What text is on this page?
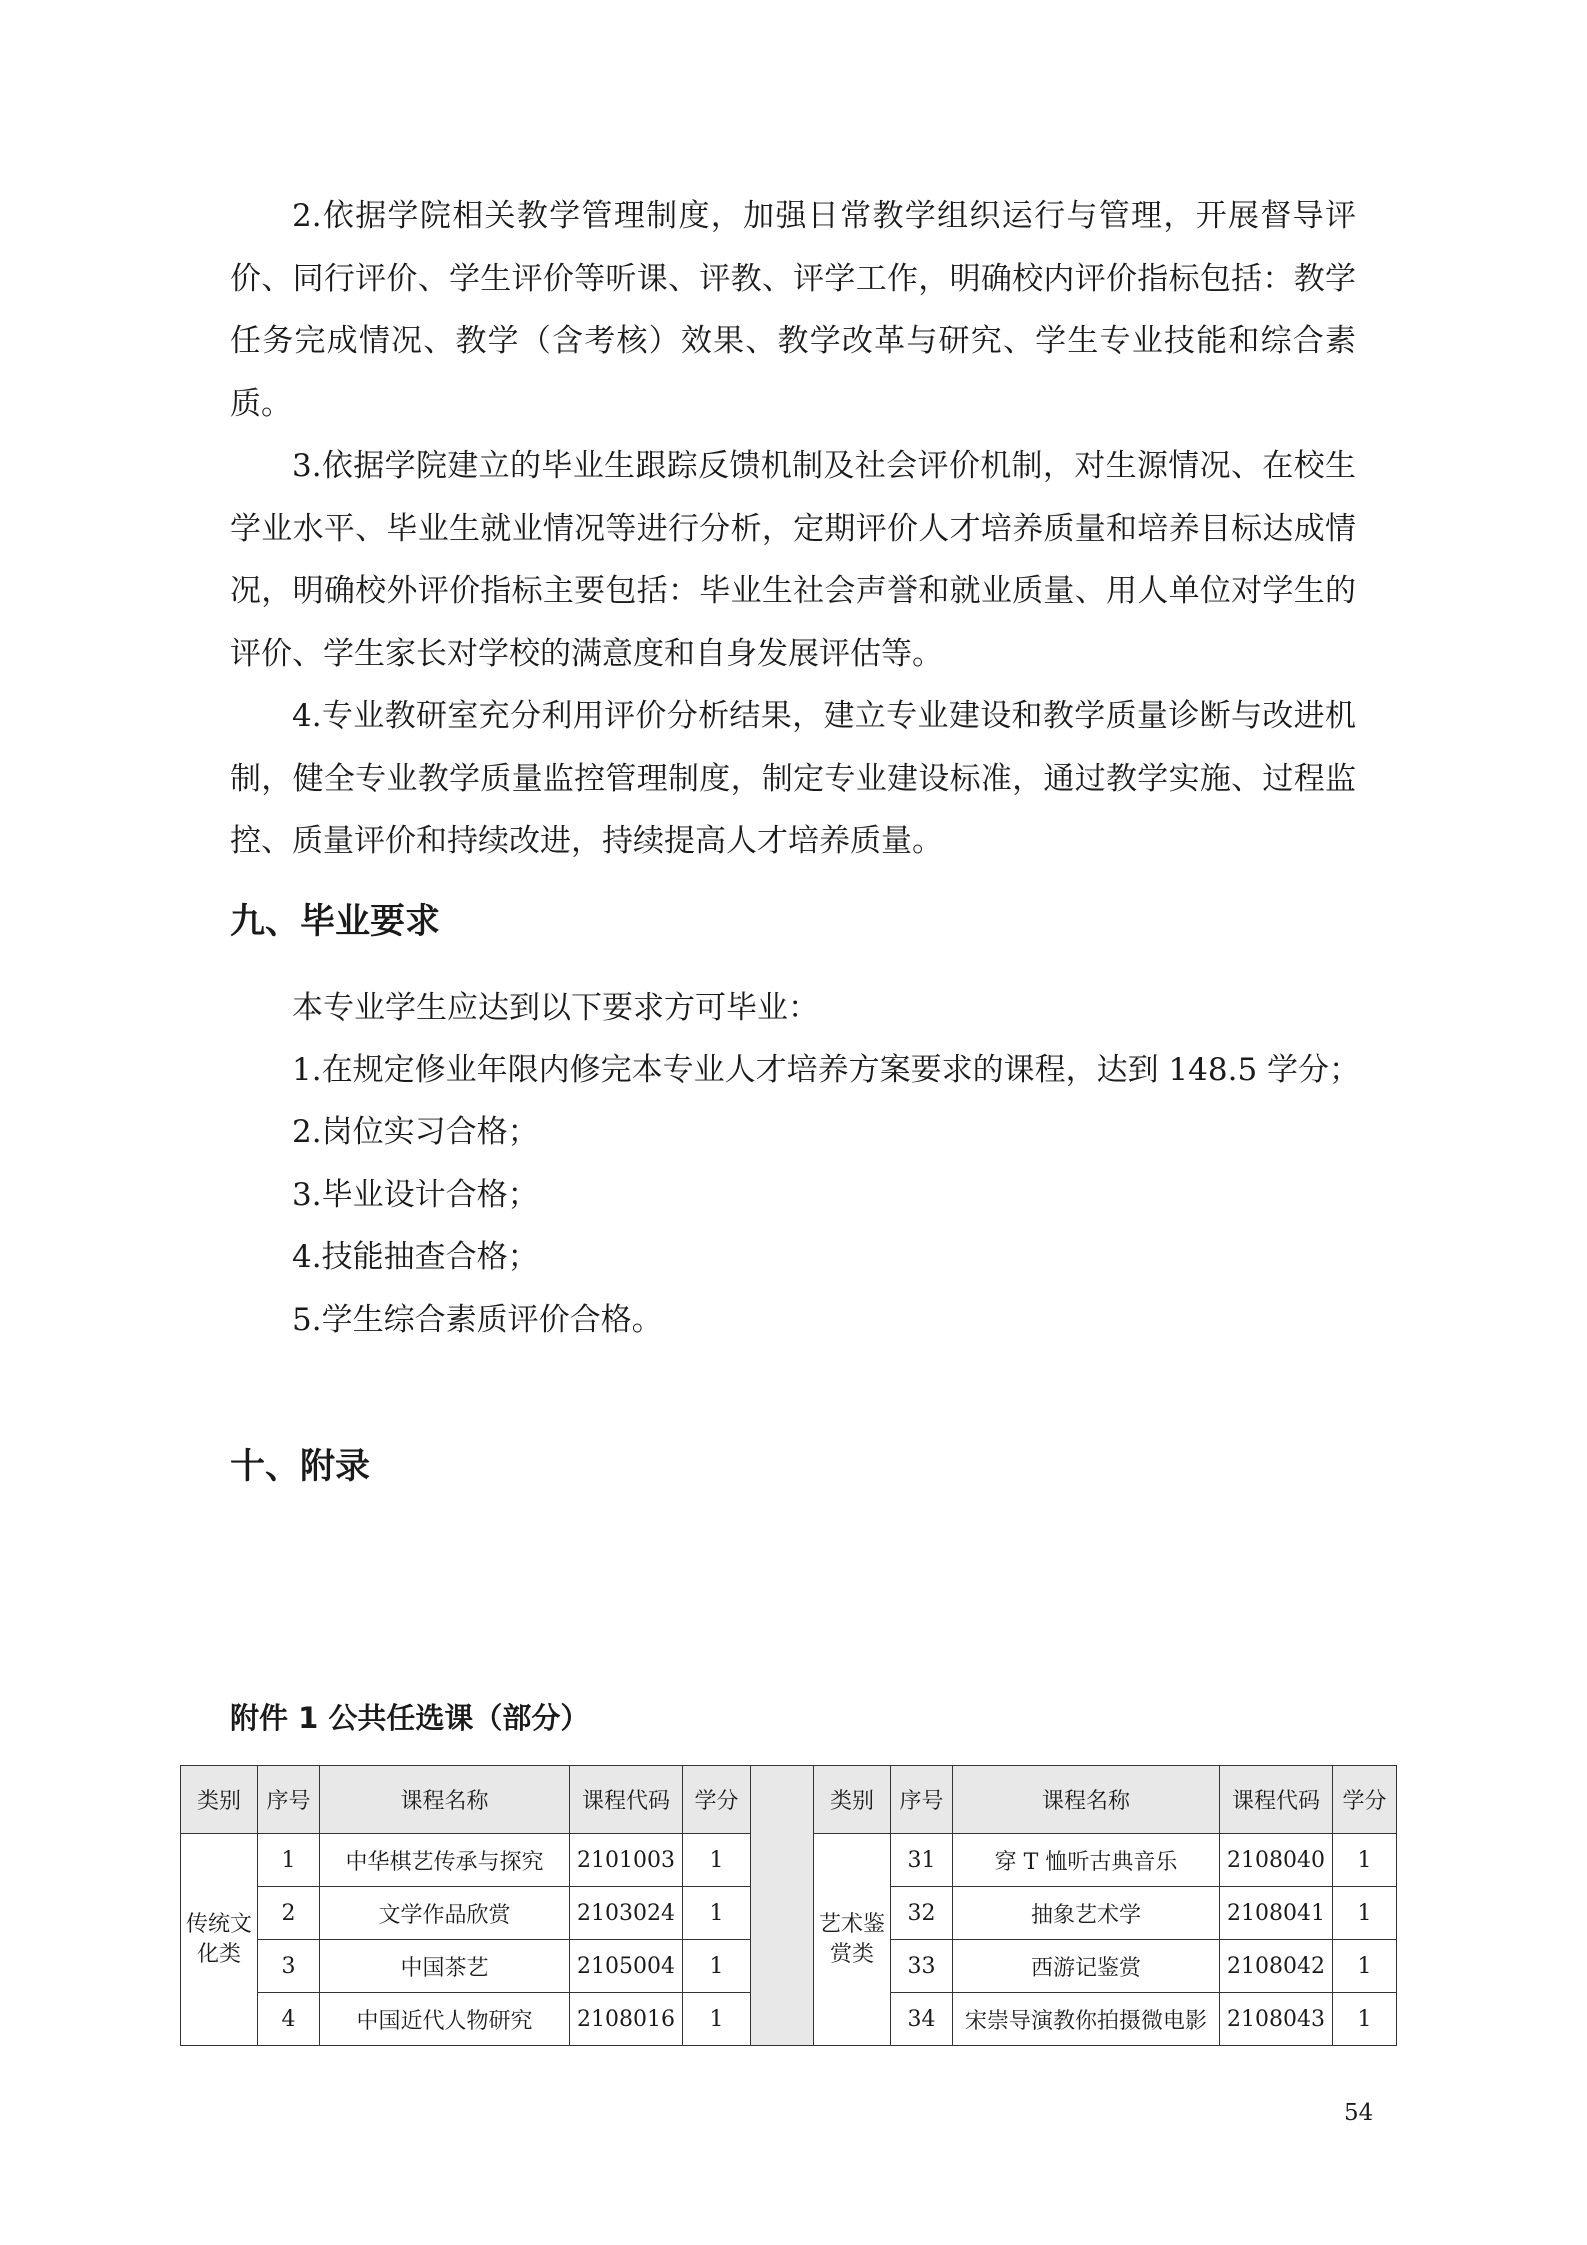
2.依据学院相关教学管理制度，加强日常教学组织运行与管理，开展督导评价、同行评价、学生评价等听课、评教、评学工作，明确校内评价指标包括：教学任务完成情况、教学（含考核）效果、教学改革与研究、学生专业技能和综合素质。

3.依据学院建立的毕业生跟踪反馈机制及社会评价机制，对生源情况、在校生学业水平、毕业生就业情况等进行分析，定期评价人才培养质量和培养目标达成情况，明确校外评价指标主要包括：毕业生社会声誉和就业质量、用人单位对学生的评价、学生家长对学校的满意度和自身发展评估等。

4.专业教研室充分利用评价分析结果，建立专业建设和教学质量诊断与改进机制，健全专业教学质量监控管理制度，制定专业建设标准，通过教学实施、过程监控、质量评价和持续改进，持续提高人才培养质量。

九、毕业要求

本专业学生应达到以下要求方可毕业：

1.在规定修业年限内修完本专业人才培养方案要求的课程，达到 148.5 学分；

2.岗位实习合格；

3.毕业设计合格；

4.技能抽查合格；

5.学生综合素质评价合格。

十、附录

附件 1 公共任选课（部分）

类别	序号	课程名称	课程代码	学分		类别	序号	课程名称	课程代码	学分
传统文化类	1	中华棋艺传承与探究	2101003	1		艺术鉴赏类	31	穿 T 恤听古典音乐	2108040	1
	2	文学作品欣赏	2103024	1			32	抽象艺术学	2108041	1
	3	中国茶艺	2105004	1			33	西游记鉴赏	2108042	1
	4	中国近代人物研究	2108016	1			34	宋崇导演教你拍摄微电影	2108043	1
54
